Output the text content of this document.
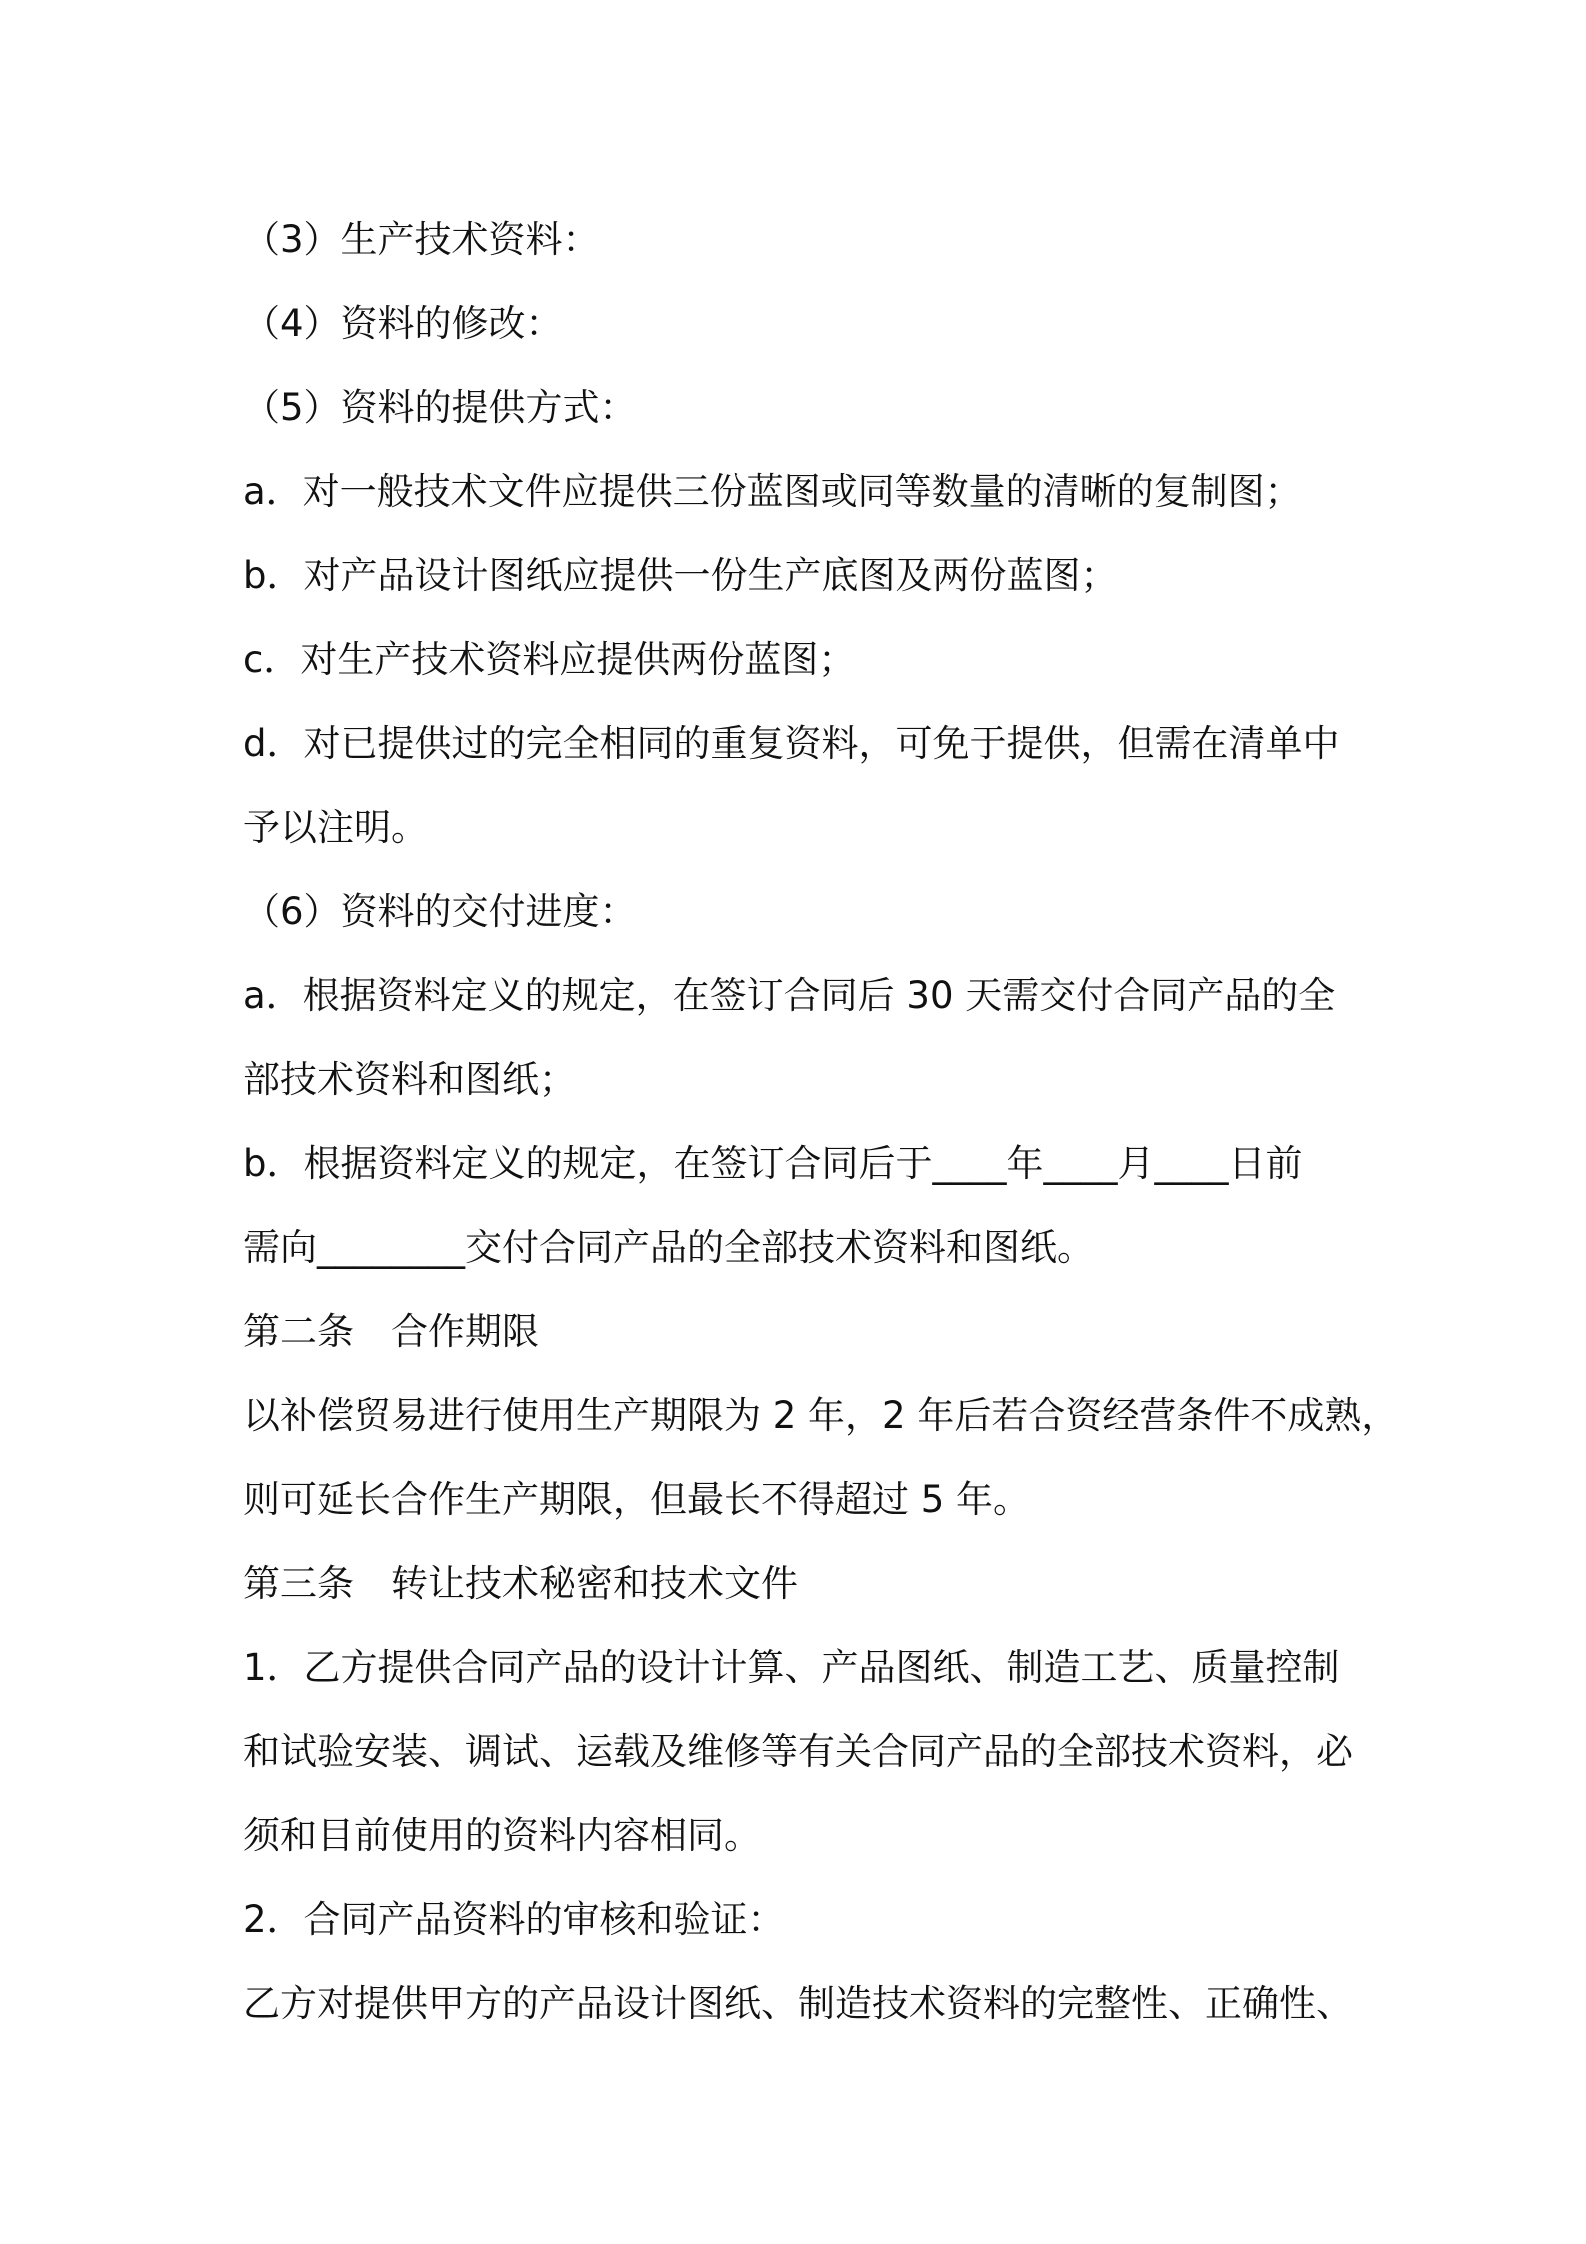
（3）生产技术资料：
（4）资料的修改：
（5）资料的提供方式：
a．对一般技术文件应提供三份蓝图或同等数量的清晰的复制图；
b．对产品设计图纸应提供一份生产底图及两份蓝图；
c．对生产技术资料应提供两份蓝图；
d．对已提供过的完全相同的重复资料，可免于提供，但需在清单中
予以注明。
（6）资料的交付进度：
a．根据资料定义的规定，在签订合同后 30 天需交付合同产品的全
部技术资料和图纸；
b．根据资料定义的规定，在签订合同后于____年____月____日前
需向________交付合同产品的全部技术资料和图纸。
第二条　合作期限
以补偿贸易进行使用生产期限为 2 年，2 年后若合资经营条件不成熟，
则可延长合作生产期限，但最长不得超过 5 年。
第三条　转让技术秘密和技术文件
1．乙方提供合同产品的设计计算、产品图纸、制造工艺、质量控制
和试验安装、调试、运载及维修等有关合同产品的全部技术资料，必
须和目前使用的资料内容相同。
2．合同产品资料的审核和验证：
乙方对提供甲方的产品设计图纸、制造技术资料的完整性、正确性、
